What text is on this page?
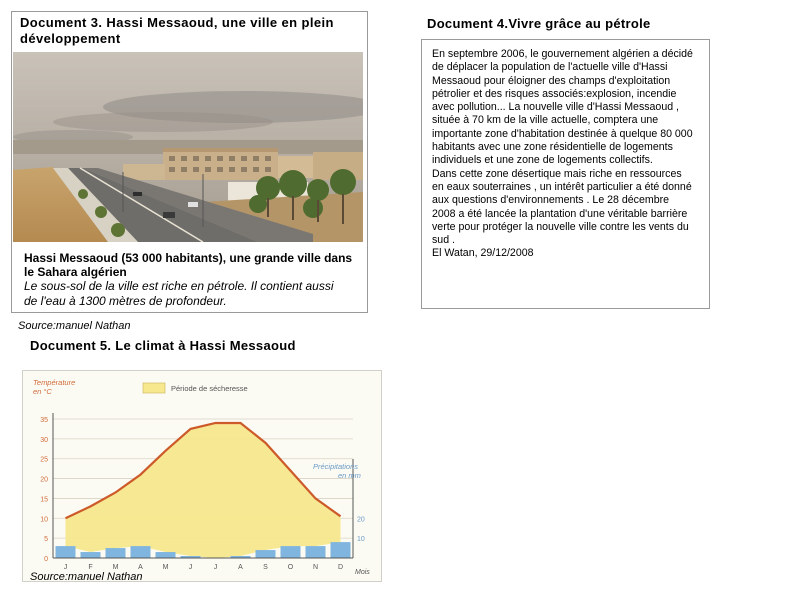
Document 3. Hassi Messaoud, une ville en plein développement
Hassi Messaoud (53 000 habitants), une grande ville dans le Sahara algérien
Le sous-sol de la ville est riche en pétrole. Il contient aussi de l'eau à 1300 mètres de profondeur.
Source:manuel Nathan
Document 4.Vivre grâce au pétrole

En septembre 2006, le gouvernement algérien a décidé de déplacer la population de l'actuelle ville d'Hassi Messaoud pour éloigner des champs d'exploitation pétrolier et des risques associés:explosion, incendie avec pollution... La nouvelle ville d'Hassi Messaoud , située à 70 km de la ville actuelle, comptera une importante zone d'habitation destinée à quelque 80 000 habitants avec une zone résidentielle de logements individuels et une zone de logements collectifs.

Dans cette zone désertique mais riche en ressources en eaux souterraines , un intérêt particulier a été donné aux questions d'environnements . Le 28 décembre 2008 a été lancée la plantation d'une véritable barrière verte pour protéger la nouvelle ville contre les vents du sud .

El Watan, 29/12/2008

Document 5. Le climat à Hassi Messaoud
0
5
10
15
20
25
30
35
10
20
J	F	M	A	M	J	J	A	S	O	N	D
Température
en °C
Précipitations
en mm
Mois
Période de sécheresse
Source:manuel Nathan
